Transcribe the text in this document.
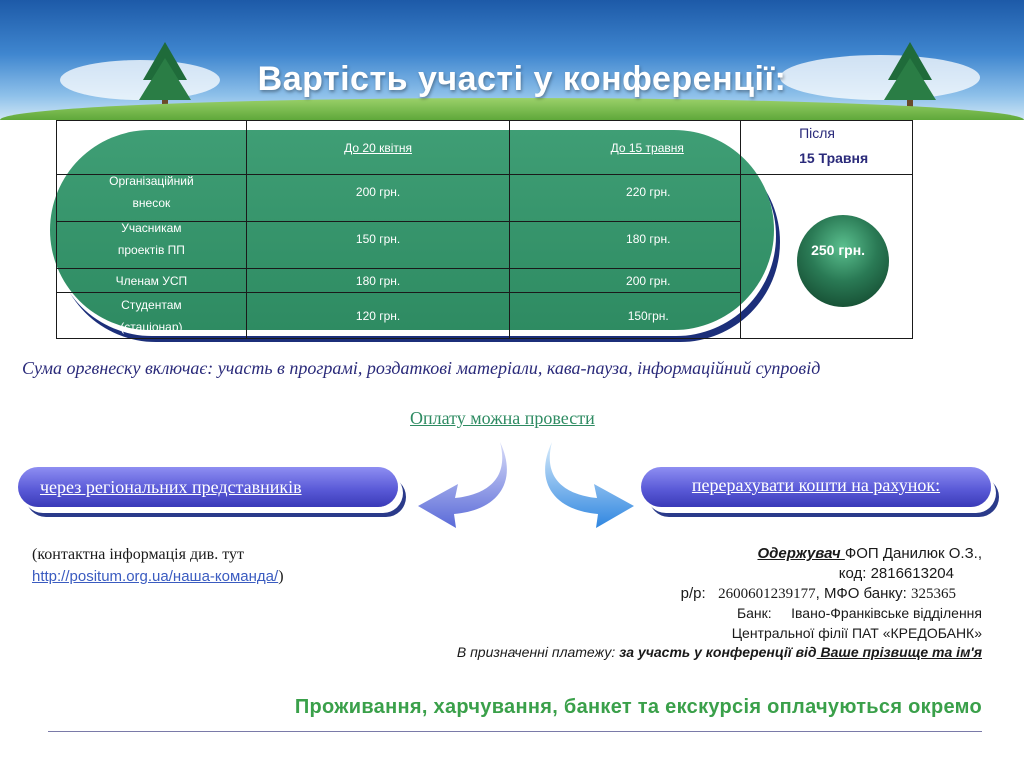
Вартість участі у конференції:
	До 20 квітня	До 15 травня	Після
15 Травня

Організаційний
внесок	200 грн.	220 грн.	250 грн.

Учасникам
проектів ПП	150 грн.	180 грн.	

Членам УСП	180 грн.	200 грн.	

Студентам
(стаціонар)	120 грн.	150грн.	
Сума оргвнеску включає: участь в програмі, роздаткові матеріали, кава-пауза, інформаційний супровід
Оплату можна провести
через регіональних представників	перерахувати кошти на рахунок:
(контактна інформація див. тут
http://positum.org.ua/наша-команда/)
Одержувач ФОП Данилюк О.З.,
код: 2816613204
р/р: 2600601239177, МФО банку: 325365
Банк: Івано-Франківське відділення
Центральної філії ПАТ «КРЕДОБАНК»
В призначенні платежу: за участь у конференції від Ваше прізвище та ім'я
Проживання, харчування, банкет та екскурсія оплачуються окремо
